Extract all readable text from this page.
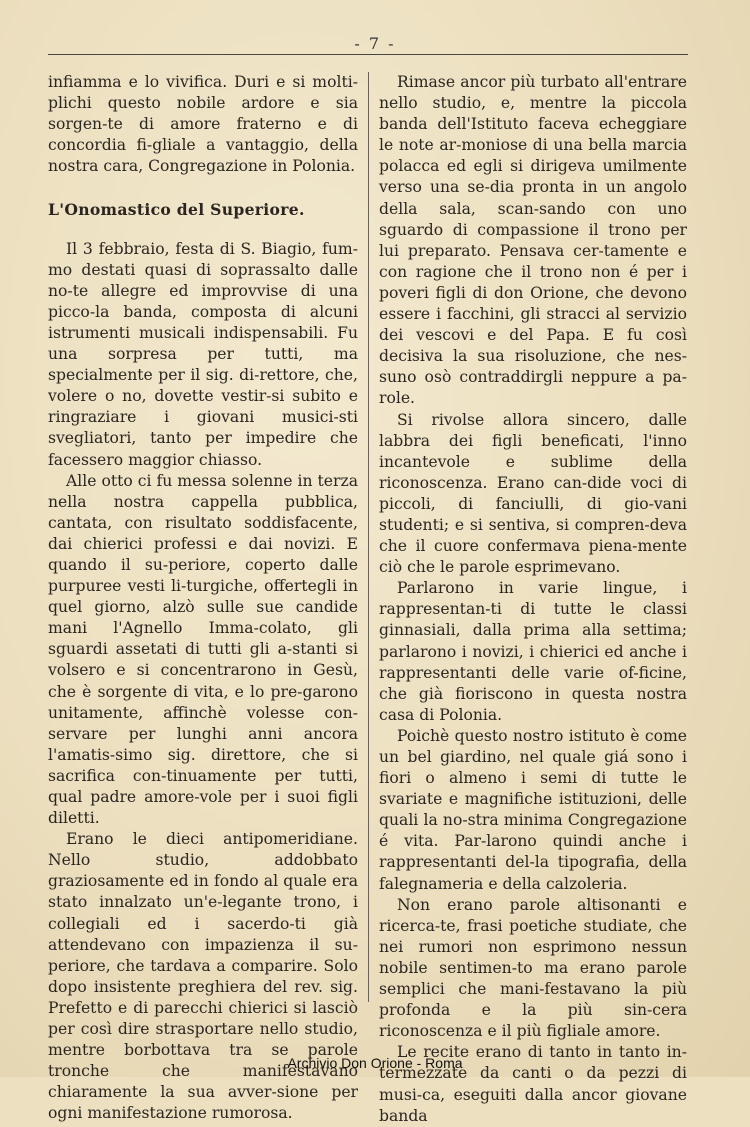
- 7 -

infiamma e lo vivifica. Duri e si molti-plichi questo nobile ardore e sia sorgen-te di amore fraterno e di concordia fi-gliale a vantaggio, della nostra cara, Congregazione in Polonia.

L'Onomastico del Superiore.

Il 3 febbraio, festa di S. Biagio, fum-mo destati quasi di soprassalto dalle no-te allegre ed improvvise di una picco-la banda, composta di alcuni istrumenti musicali indispensabili. Fu una sorpresa per tutti, ma specialmente per il sig. di-rettore, che, volere o no, dovette vestir-si subito e ringraziare i giovani musici-sti svegliatori, tanto per impedire che facessero maggior chiasso.

Alle otto ci fu messa solenne in terza nella nostra cappella pubblica, cantata, con risultato soddisfacente, dai chierici professi e dai novizi. E quando il su-periore, coperto dalle purpuree vesti li-turgiche, offertegli in quel giorno, alzò sulle sue candide mani l'Agnello Imma-colato, gli sguardi assetati di tutti gli a-stanti si volsero e si concentrarono in Gesù, che è sorgente di vita, e lo pre-garono unitamente, affinchè volesse con-servare per lunghi anni ancora l'amatis-simo sig. direttore, che si sacrifica con-tinuamente per tutti, qual padre amore-vole per i suoi figli diletti.

Erano le dieci antipomeridiane. Nello studio, addobbato graziosamente ed in fondo al quale era stato innalzato un'e-legante trono, i collegiali ed i sacerdo-ti già attendevano con impazienza il su-periore, che tardava a comparire. Solo dopo insistente preghiera del rev. sig. Prefetto e di parecchi chierici si lasciò per così dire strasportare nello studio, mentre borbottava tra se parole tronche che manifestavano chiaramente la sua avver-sione per ogni manifestazione rumorosa.

Rimase ancor più turbato all'entrare nello studio, e, mentre la piccola banda dell'Istituto faceva echeggiare le note ar-moniose di una bella marcia polacca ed egli si dirigeva umilmente verso una se-dia pronta in un angolo della sala, scan-sando con uno sguardo di compassione il trono per lui preparato. Pensava cer-tamente e con ragione che il trono non é per i poveri figli di don Orione, che devono essere i facchini, gli stracci al servizio dei vescovi e del Papa. E fu così decisiva la sua risoluzione, che nes-suno osò contraddirgli neppure a pa-role.

Si rivolse allora sincero, dalle labbra dei figli beneficati, l'inno incantevole e sublime della riconoscenza. Erano can-dide voci di piccoli, di fanciulli, di gio-vani studenti; e si sentiva, si compren-deva che il cuore confermava piena-mente ciò che le parole esprimevano.

Parlarono in varie lingue, i rappresentan-ti di tutte le classi ginnasiali, dalla prima alla settima; parlarono i novizi, i chierici ed anche i rappresentanti delle varie of-ficine, che già fioriscono in questa nostra casa di Polonia.

Poichè questo nostro istituto è come un bel giardino, nel quale giá sono i fiori o almeno i semi di tutte le svariate e magnifiche istituzioni, delle quali la no-stra minima Congregazione é vita. Par-larono quindi anche i rappresentanti del-la tipografia, della falegnameria e della calzoleria.

Non erano parole altisonanti e ricerca-te, frasi poetiche studiate, che nei rumori non esprimono nessun nobile sentimen-to ma erano parole semplici che mani-festavano la più profonda e la più sin-cera riconoscenza e il più figliale amore.

Le recite erano di tanto in tanto in-termezzate da canti o da pezzi di musi-ca, eseguiti dalla ancor giovane banda

Archivio Don Orione - Roma
